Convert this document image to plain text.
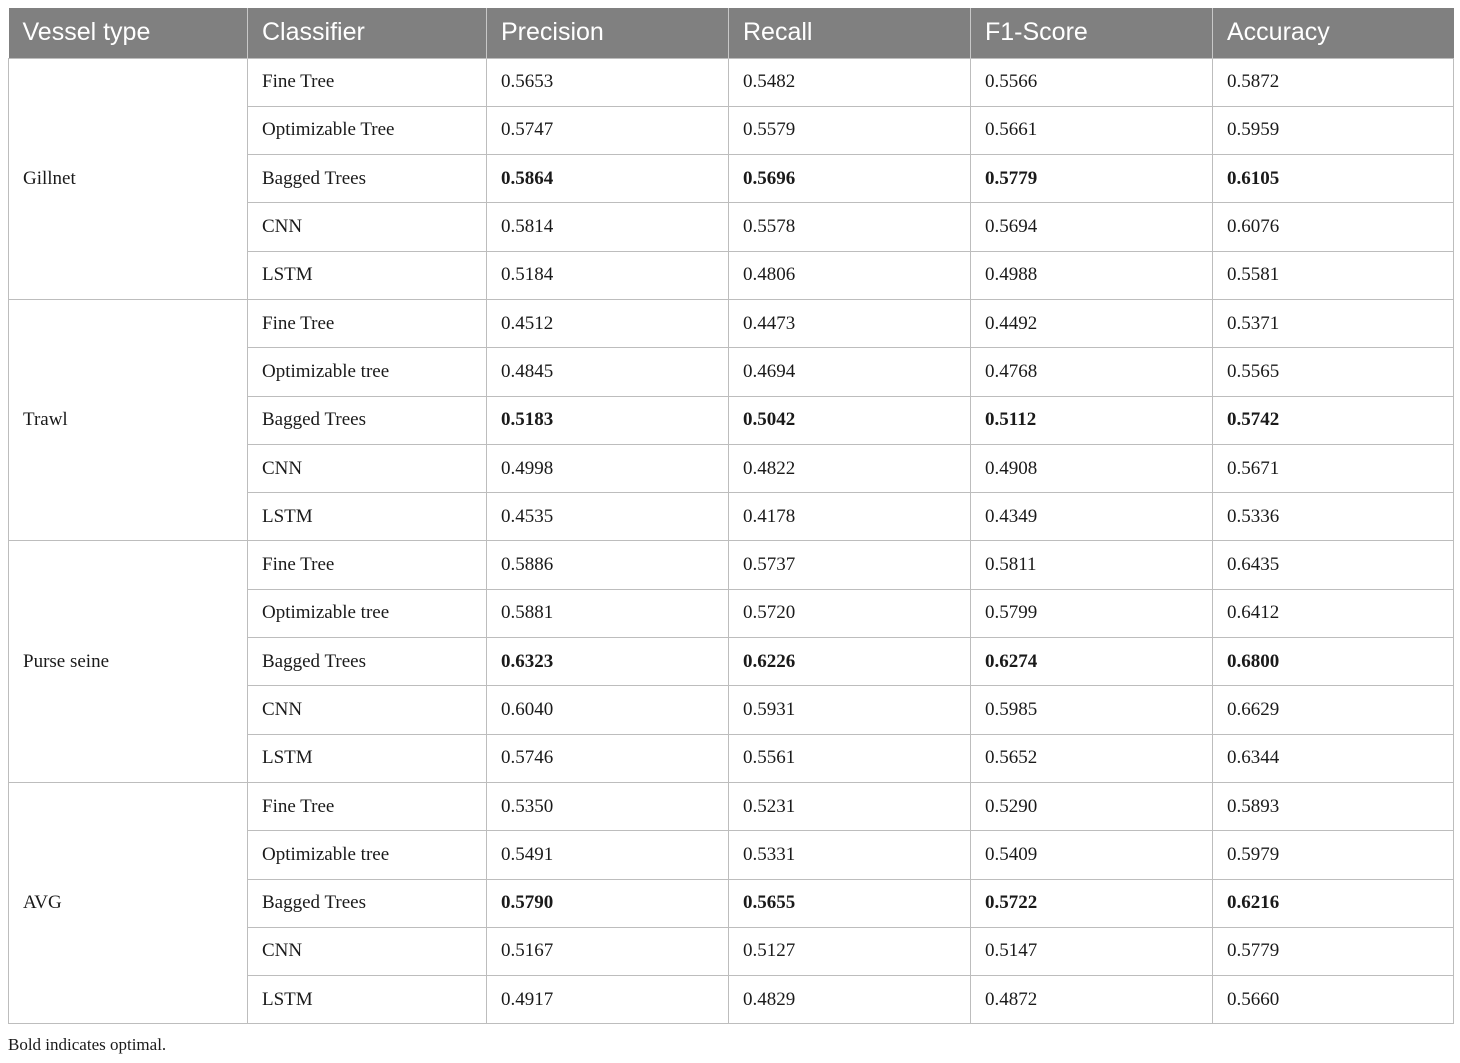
Vessel type	Classifier	Precision	Recall	F1-Score	Accuracy
Gillnet	Fine Tree	0.5653	0.5482	0.5566	0.5872
	Optimizable Tree	0.5747	0.5579	0.5661	0.5959
	Bagged Trees	0.5864	0.5696	0.5779	0.6105
	CNN	0.5814	0.5578	0.5694	0.6076
	LSTM	0.5184	0.4806	0.4988	0.5581
Trawl	Fine Tree	0.4512	0.4473	0.4492	0.5371
	Optimizable tree	0.4845	0.4694	0.4768	0.5565
	Bagged Trees	0.5183	0.5042	0.5112	0.5742
	CNN	0.4998	0.4822	0.4908	0.5671
	LSTM	0.4535	0.4178	0.4349	0.5336
Purse seine	Fine Tree	0.5886	0.5737	0.5811	0.6435
	Optimizable tree	0.5881	0.5720	0.5799	0.6412
	Bagged Trees	0.6323	0.6226	0.6274	0.6800
	CNN	0.6040	0.5931	0.5985	0.6629
	LSTM	0.5746	0.5561	0.5652	0.6344
AVG	Fine Tree	0.5350	0.5231	0.5290	0.5893
	Optimizable tree	0.5491	0.5331	0.5409	0.5979
	Bagged Trees	0.5790	0.5655	0.5722	0.6216
	CNN	0.5167	0.5127	0.5147	0.5779
	LSTM	0.4917	0.4829	0.4872	0.5660

Bold indicates optimal.
